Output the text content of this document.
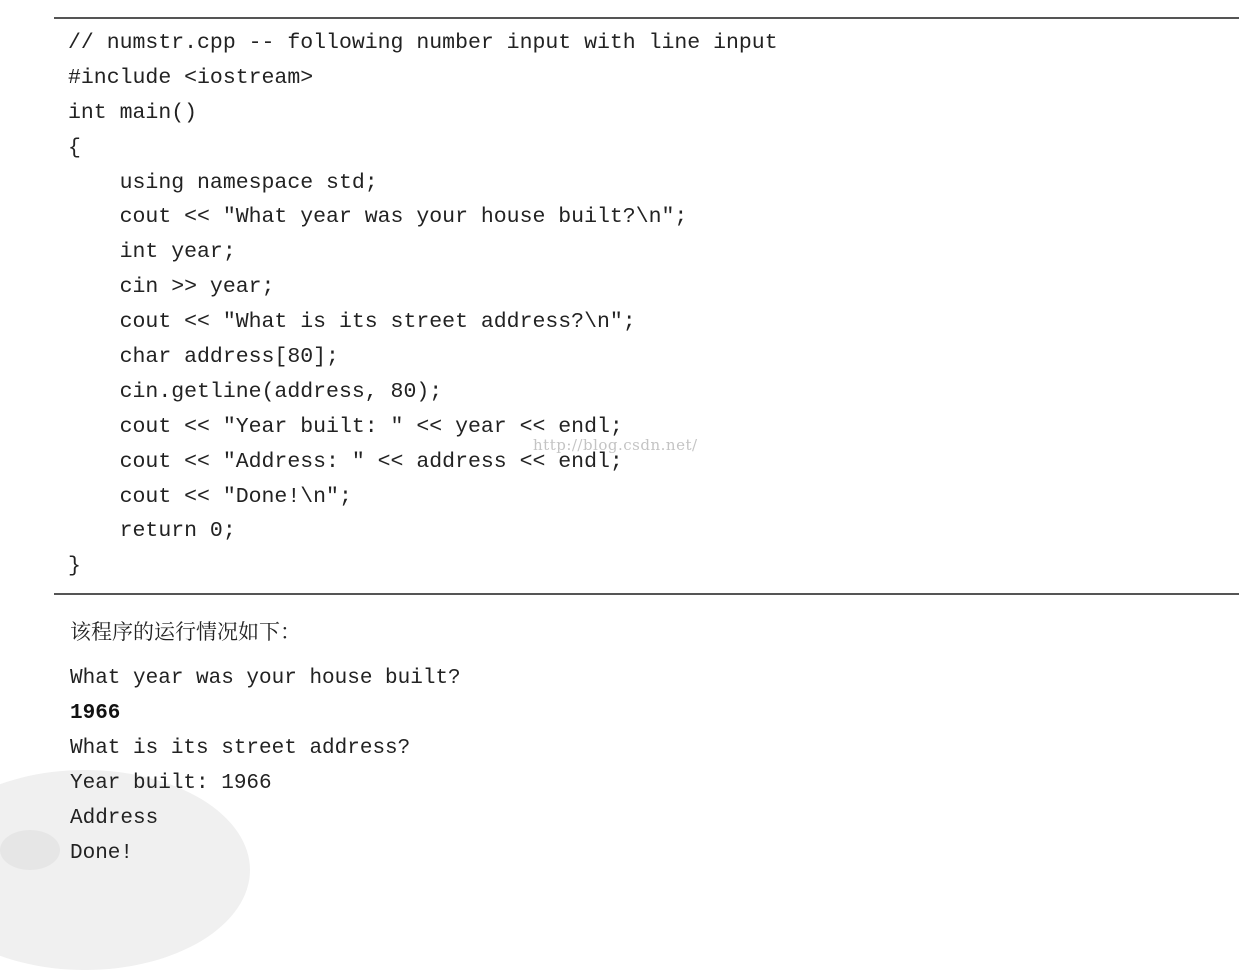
// numstr.cpp -- following number input with line input
#include <iostream>
int main()
{
using namespace std;
cout << "What year was your house built?\n";
int year;
cin >> year;
cout << "What is its street address?\n";
char address[80];
cin.getline(address, 80);
cout << "Year built: " << year << endl;
cout << "Address: " << address << endl;
cout << "Done!\n";
return 0;
}
http://blog.csdn.net/
该程序的运行情况如下：
What year was your house built?
1966
What is its street address?
Year built: 1966
Address
Done!
